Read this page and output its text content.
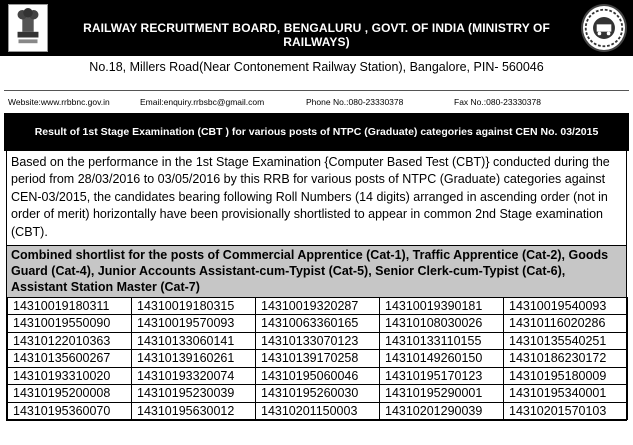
RAILWAY RECRUITMENT BOARD, BENGALURU , GOVT. OF INDIA (MINISTRY OF RAILWAYS)
No.18, Millers Road(Near Contonement Railway Station), Bangalore, PIN- 560046
Website:www.rrbbnc.gov.in	Email:enquiry.rrbsbc@gmail.com	Phone No.:080-23330378	Fax No.:080-23330378
Result of 1st Stage Examination (CBT ) for various posts of NTPC (Graduate) categories against CEN No. 03/2015
Based on the performance in the 1st Stage Examination {Computer Based Test (CBT)} conducted during the period from 28/03/2016 to 03/05/2016 by this RRB for various posts of NTPC (Graduate) categories against CEN-03/2015, the candidates bearing following Roll Numbers (14 digits) arranged in ascending order (not in order of merit) horizontally have been provisionally shortlisted to appear in common 2nd Stage examination (CBT).
Combined shortlist for the posts of Commercial Apprentice (Cat-1), Traffic Apprentice (Cat-2), Goods Guard (Cat-4), Junior Accounts Assistant-cum-Typist (Cat-5), Senior Clerk-cum-Typist (Cat-6), Assistant Station Master (Cat-7)
14310019180311	14310019180315	14310019320287	14310019390181	14310019540093
14310019550090	14310019570093	14310063360165	14310108030026	14310116020286
14310122010363	14310133060141	14310133070123	14310133110155	14310135540251
14310135600267	14310139160261	14310139170258	14310149260150	14310186230172
14310193310020	14310193320074	14310195060046	14310195170123	14310195180009
14310195200008	14310195230039	14310195260030	14310195290001	14310195340001
14310195360070	14310195630012	14310201150003	14310201290039	14310201570103
